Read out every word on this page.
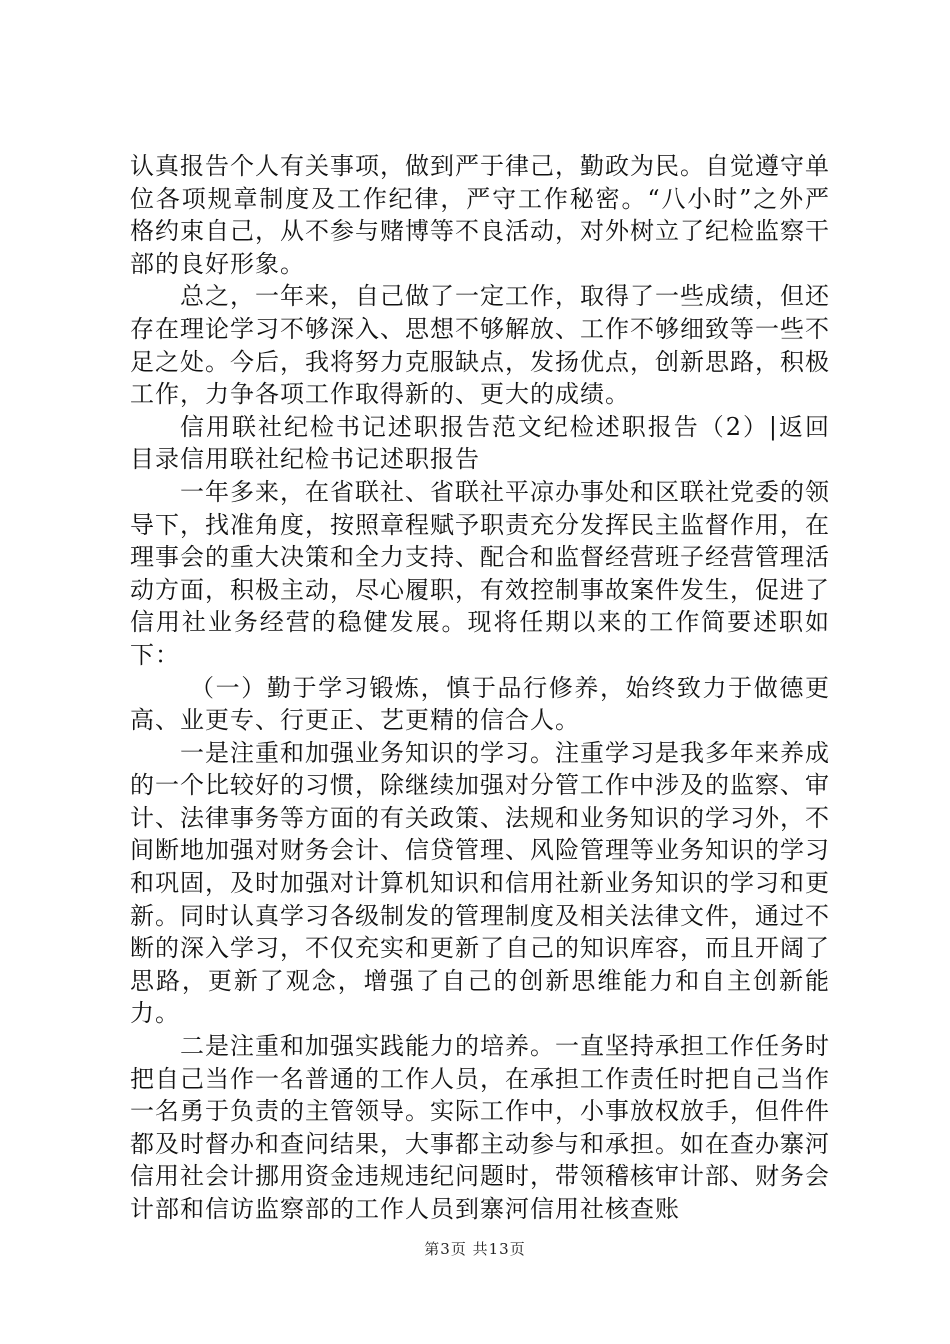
认真报告个人有关事项，做到严于律己，勤政为民。自觉遵守单位各项规章制度及工作纪律，严守工作秘密。“八小时”之外严格约束自己，从不参与赌博等不良活动，对外树立了纪检监察干部的良好形象。

总之，一年来，自己做了一定工作，取得了一些成绩，但还存在理论学习不够深入、思想不够解放、工作不够细致等一些不足之处。今后，我将努力克服缺点，发扬优点，创新思路，积极工作，力争各项工作取得新的、更大的成绩。

信用联社纪检书记述职报告范文纪检述职报告（2）|返回目录信用联社纪检书记述职报告

一年多来，在省联社、省联社平凉办事处和区联社党委的领导下，找准角度，按照章程赋予职责充分发挥民主监督作用，在理事会的重大决策和全力支持、配合和监督经营班子经营管理活动方面，积极主动，尽心履职，有效控制事故案件发生，促进了信用社业务经营的稳健发展。现将任期以来的工作简要述职如下：

（一）勤于学习锻炼，慎于品行修养，始终致力于做德更高、业更专、行更正、艺更精的信合人。

一是注重和加强业务知识的学习。注重学习是我多年来养成的一个比较好的习惯，除继续加强对分管工作中涉及的监察、审计、法律事务等方面的有关政策、法规和业务知识的学习外，不间断地加强对财务会计、信贷管理、风险管理等业务知识的学习和巩固，及时加强对计算机知识和信用社新业务知识的学习和更新。同时认真学习各级制发的管理制度及相关法律文件，通过不断的深入学习，不仅充实和更新了自己的知识库容，而且开阔了思路，更新了观念，增强了自己的创新思维能力和自主创新能力。

二是注重和加强实践能力的培养。一直坚持承担工作任务时把自己当作一名普通的工作人员，在承担工作责任时把自己当作一名勇于负责的主管领导。实际工作中，小事放权放手，但件件都及时督办和查问结果，大事都主动参与和承担。如在查办寨河信用社会计挪用资金违规违纪问题时，带领稽核审计部、财务会计部和信访监察部的工作人员到寨河信用社核查账

第3页 共13页
